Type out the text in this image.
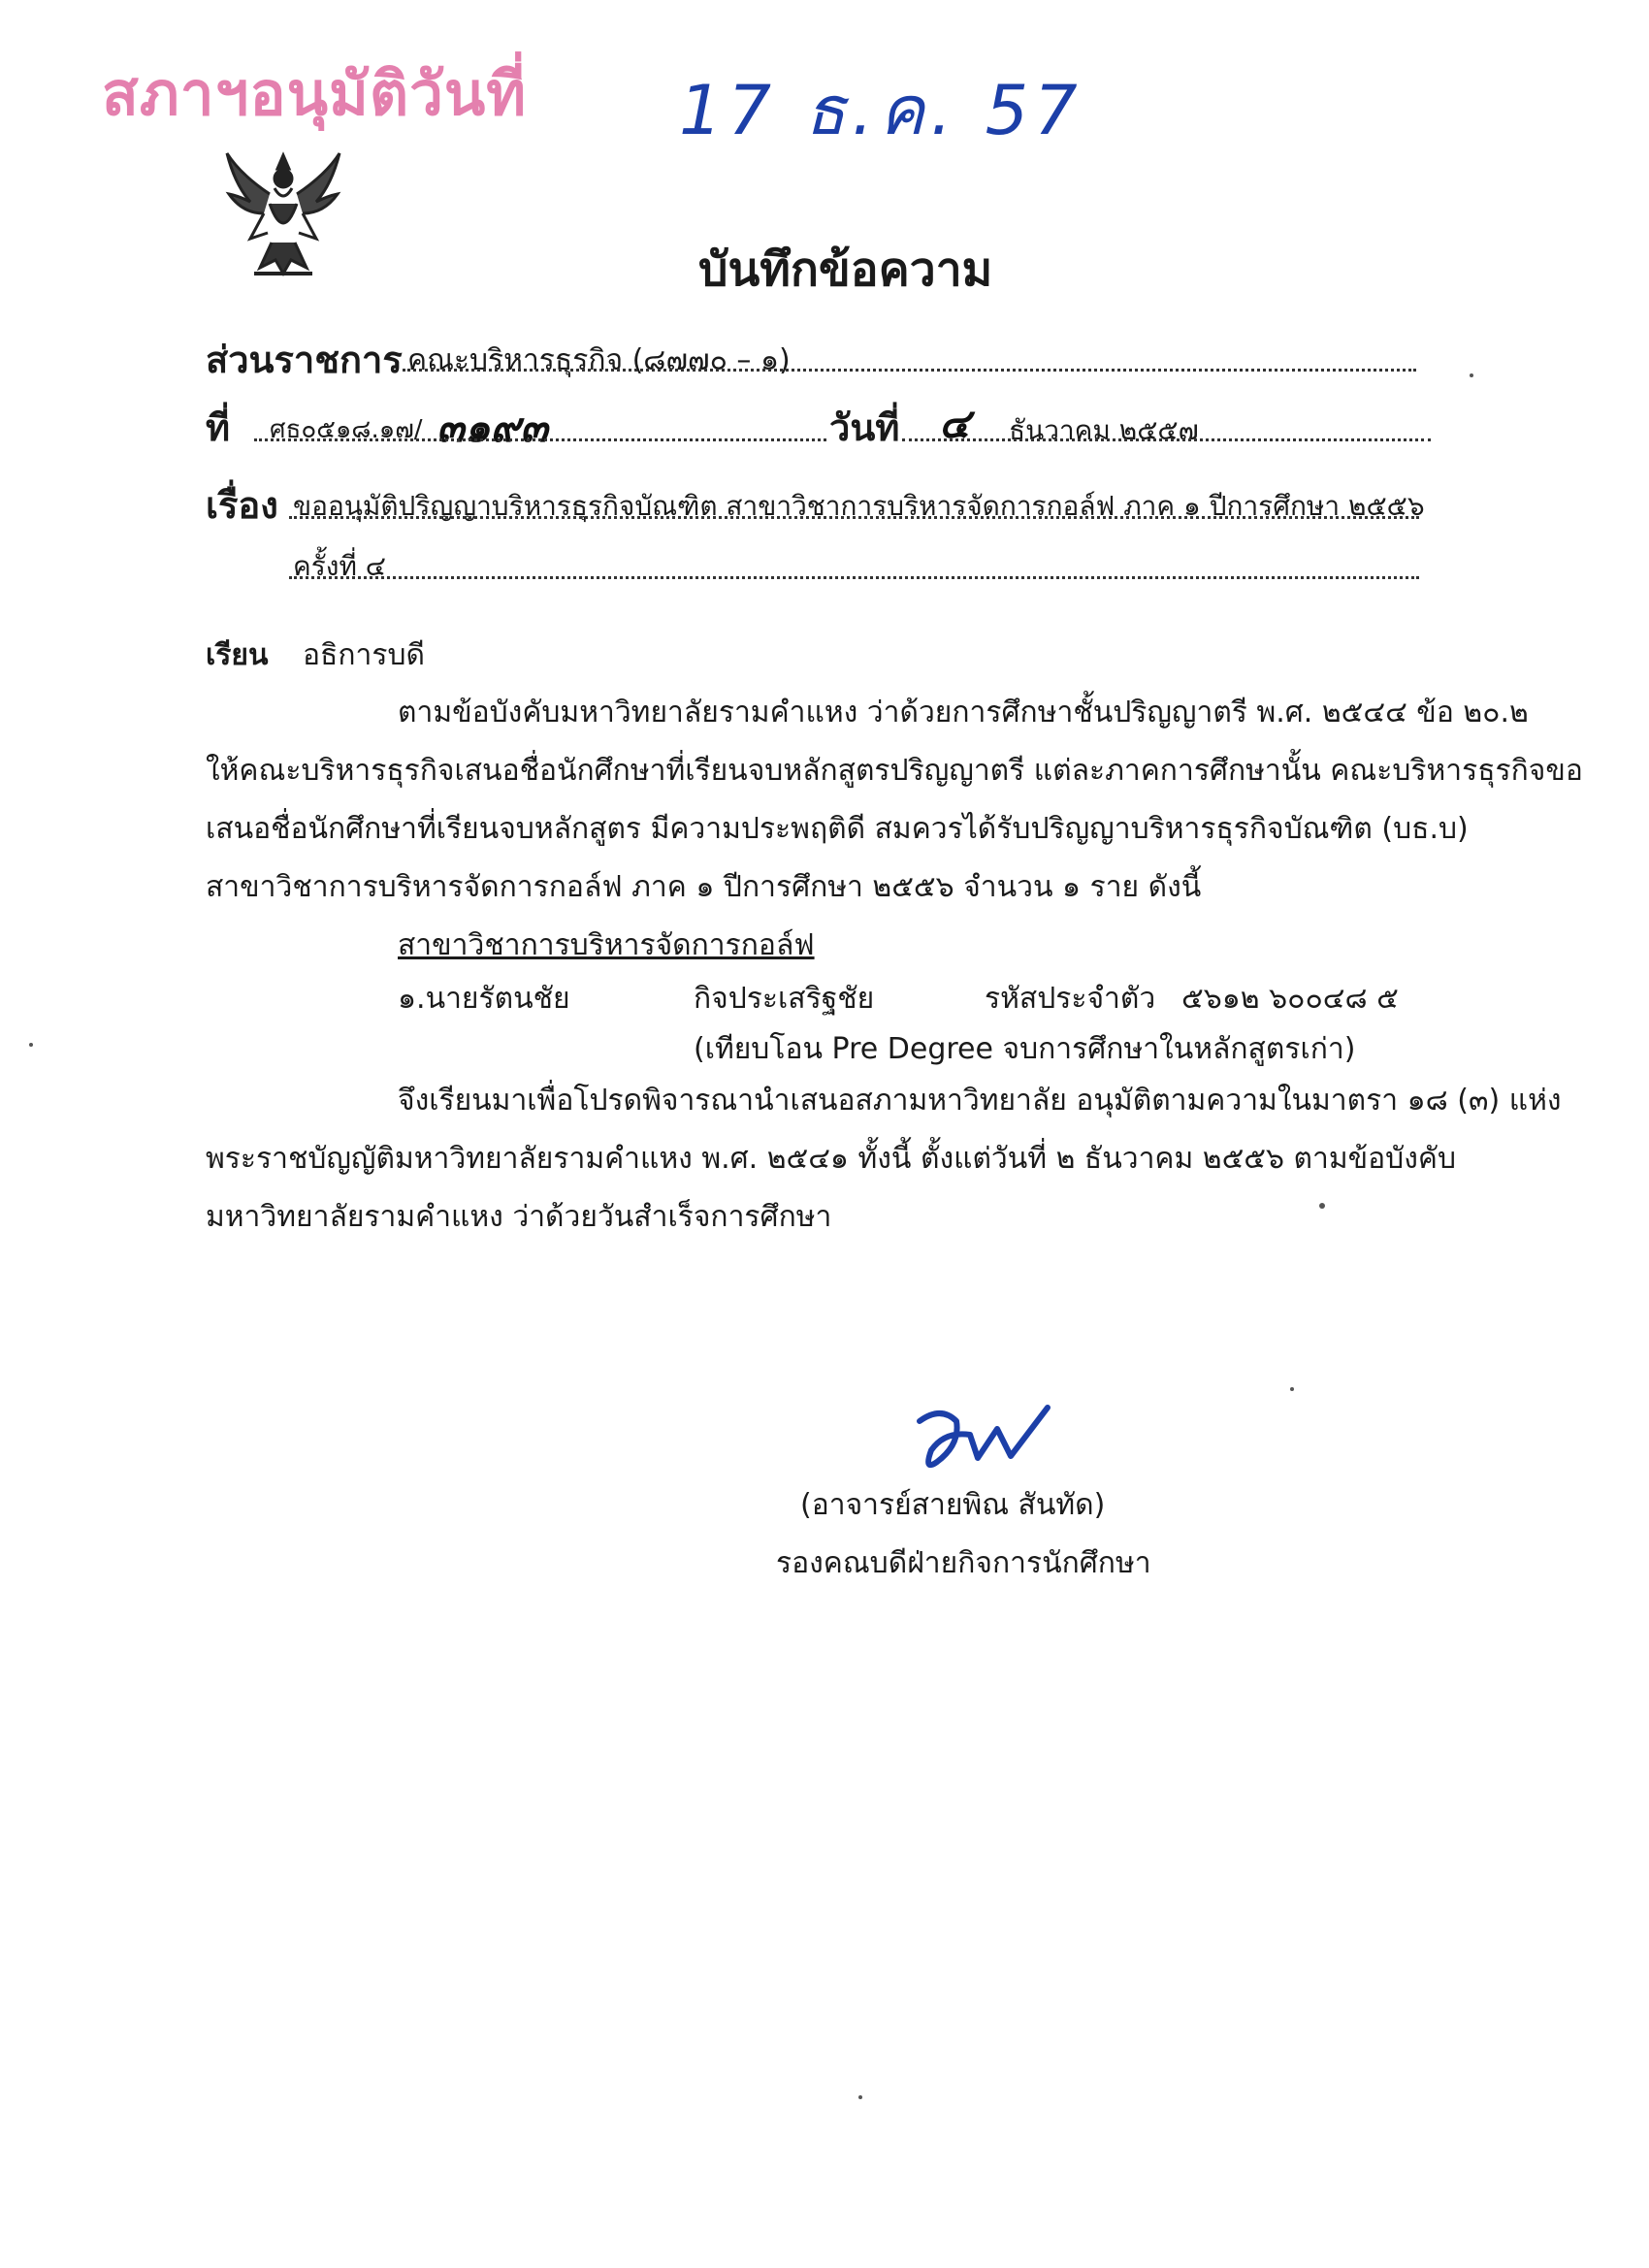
สภาฯอนุมัติวันที่ 17 ธ.ค. 57
บันทึกข้อความ
ส่วนราชการ คณะบริหารธุรกิจ (๘๗๗๐ – ๑)
ที่ ศธ๐๕๑๘.๑๗/ ๓๑๙๓	วันที่ ๔ ธันวาคม ๒๕๕๗
เรื่อง ขออนุมัติปริญญาบริหารธุรกิจบัณฑิต สาขาวิชาการบริหารจัดการกอล์ฟ ภาค ๑ ปีการศึกษา ๒๕๕๖
ครั้งที่ ๔
เรียน อธิการบดี
ตามข้อบังคับมหาวิทยาลัยรามคำแหง ว่าด้วยการศึกษาชั้นปริญญาตรี พ.ศ. ๒๕๔๔ ข้อ ๒๐.๒
ให้คณะบริหารธุรกิจเสนอชื่อนักศึกษาที่เรียนจบหลักสูตรปริญญาตรี แต่ละภาคการศึกษานั้น คณะบริหารธุรกิจขอ
เสนอชื่อนักศึกษาที่เรียนจบหลักสูตร มีความประพฤติดี สมควรได้รับปริญญาบริหารธุรกิจบัณฑิต (บธ.บ)
สาขาวิชาการบริหารจัดการกอล์ฟ ภาค ๑ ปีการศึกษา ๒๕๕๖ จำนวน ๑ ราย ดังนี้
สาขาวิชาการบริหารจัดการกอล์ฟ
๑.นายรัตนชัย	กิจประเสริฐชัย	รหัสประจำตัว ๕๖๑๒ ๖๐๐๔๘ ๕
(เทียบโอน Pre Degree จบการศึกษาในหลักสูตรเก่า)
จึงเรียนมาเพื่อโปรดพิจารณานำเสนอสภามหาวิทยาลัย อนุมัติตามความในมาตรา ๑๘ (๓) แห่ง
พระราชบัญญัติมหาวิทยาลัยรามคำแหง พ.ศ. ๒๕๔๑ ทั้งนี้ ตั้งแต่วันที่ ๒ ธันวาคม ๒๕๕๖ ตามข้อบังคับ
มหาวิทยาลัยรามคำแหง ว่าด้วยวันสำเร็จการศึกษา
(อาจารย์สายพิณ สันทัด)
รองคณบดีฝ่ายกิจการนักศึกษา
